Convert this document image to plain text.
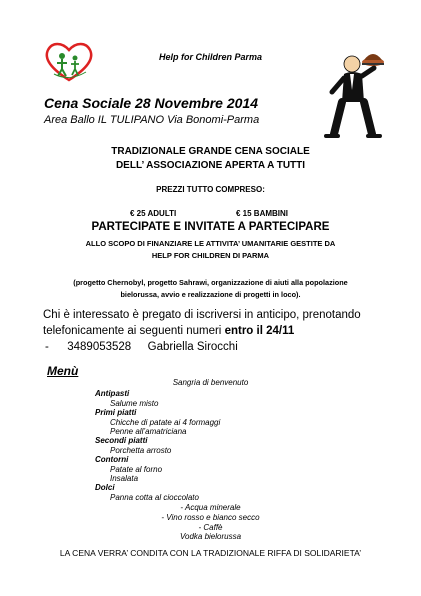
Help for Children Parma
Cena Sociale 28 Novembre 2014
Area Ballo IL TULIPANO Via Bonomi-Parma
TRADIZIONALE GRANDE CENA SOCIALE
DELL’ ASSOCIAZIONE APERTA A TUTTI
PREZZI TUTTO COMPRESO:
€ 25 ADULTI	€ 15 BAMBINI
PARTECIPATE E INVITATE A PARTECIPARE
ALLO SCOPO DI FINANZIARE LE ATTIVITA’ UMANITARIE GESTITE DA
HELP FOR CHILDREN DI PARMA
(progetto Chernobyl, progetto Sahrawi, organizzazione di aiuti alla popolazione
bielorussa, avvio e realizzazione di progetti in loco).
Chi è interessato è pregato di iscriversi in anticipo, prenotando
telefonicamente ai seguenti numeri entro il 24/11
- 3489053528 Gabriella Sirocchi
Menù
Sangria di benvenuto
Antipasti
Salume misto
Primi piatti
Chicche di patate ai 4 formaggi
Penne all’amatriciana
Secondi piatti
Porchetta arrosto
Contorni
Patate al forno
Insalata
Dolci
Panna cotta al cioccolato
- Acqua minerale
- Vino rosso e bianco secco
- Caffè
Vodka bielorussa
LA CENA VERRA’ CONDITA CON LA TRADIZIONALE RIFFA DI SOLIDARIETA’
